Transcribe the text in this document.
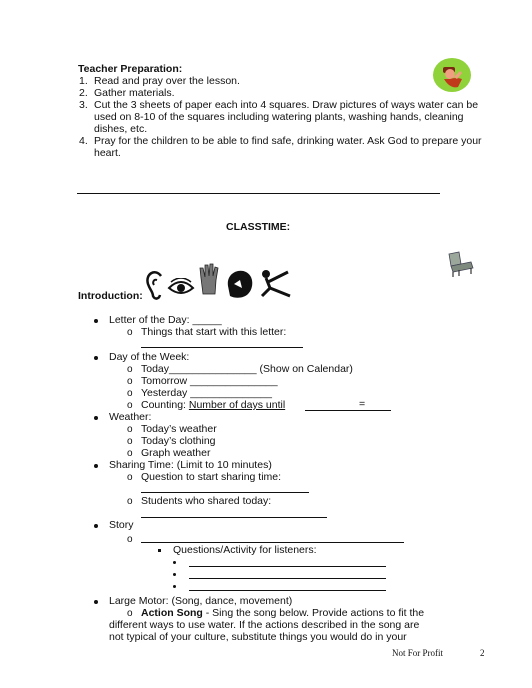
Teacher Preparation:
1. Read and pray over the lesson.
2. Gather materials.
3. Cut the 3 sheets of paper each into 4 squares. Draw pictures of ways water can be
used on 8-10 of the squares including watering plants, washing hands, cleaning
dishes, etc.
4. Pray for the children to be able to find safe, drinking water. Ask God to prepare your
heart.
CLASSTIME:
Introduction:
Letter of the Day: _____
o Things that start with this letter:
Day of the Week:
o Today_______________ (Show on Calendar)
o Tomorrow _______________
o Yesterday ______________
o Counting: Number of days until	=
Weather:
o Today’s weather
o Today’s clothing
o Graph weather
Sharing Time: (Limit to 10 minutes)
o Question to start sharing time:
o Students who shared today:
Story
o
Questions/Activity for listeners:
Large Motor: (Song, dance, movement)
o Action Song - Sing the song below. Provide actions to fit the
different ways to use water. If the actions described in the song are
not typical of your culture, substitute things you would do in your
Not For Profit	2
